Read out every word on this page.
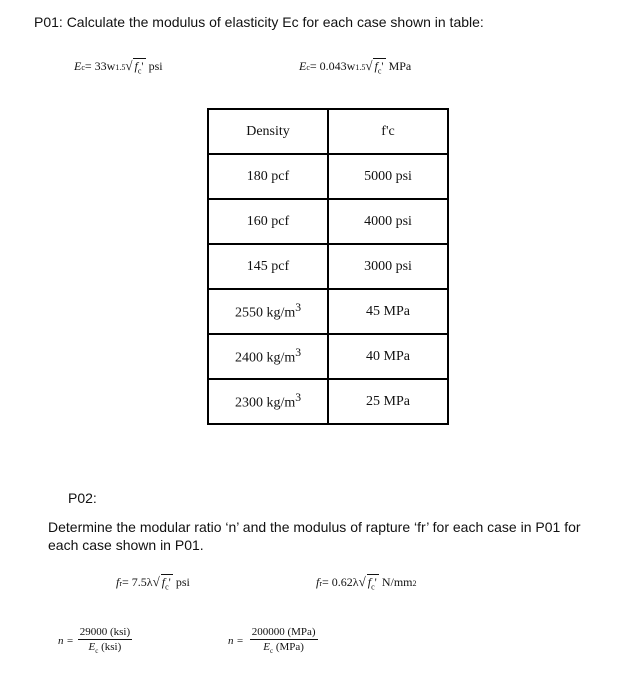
P01: Calculate the modulus of elasticity Ec for each case shown in table:
E c = 33w 1.5 √ $f_c'$ psi	E c = 0.043w 1.5 √ $f_c'$ MPa
Density	f'c
180 pcf	5000 psi
160 pcf	4000 psi
145 pcf	3000 psi
2550 $kg/m^3$	45 MPa
2400 $kg/m^3$	40 MPa
2300 $kg/m^3$	25 MPa
P02:
Determine the modular ratio ‘n’ and the modulus of rapture ‘fr’ for each case in P01 for each case shown in P01.
f r = 7.5λ √ $f_c'$ psi	f r = 0.62λ √ $f_c'$ N/mm 2
$n = \frac{\text{29000 (ksi)}}{E_c (ksi)}$	$n = \frac{\text{200000 (MPa)}}{E_c (MPa)}$
